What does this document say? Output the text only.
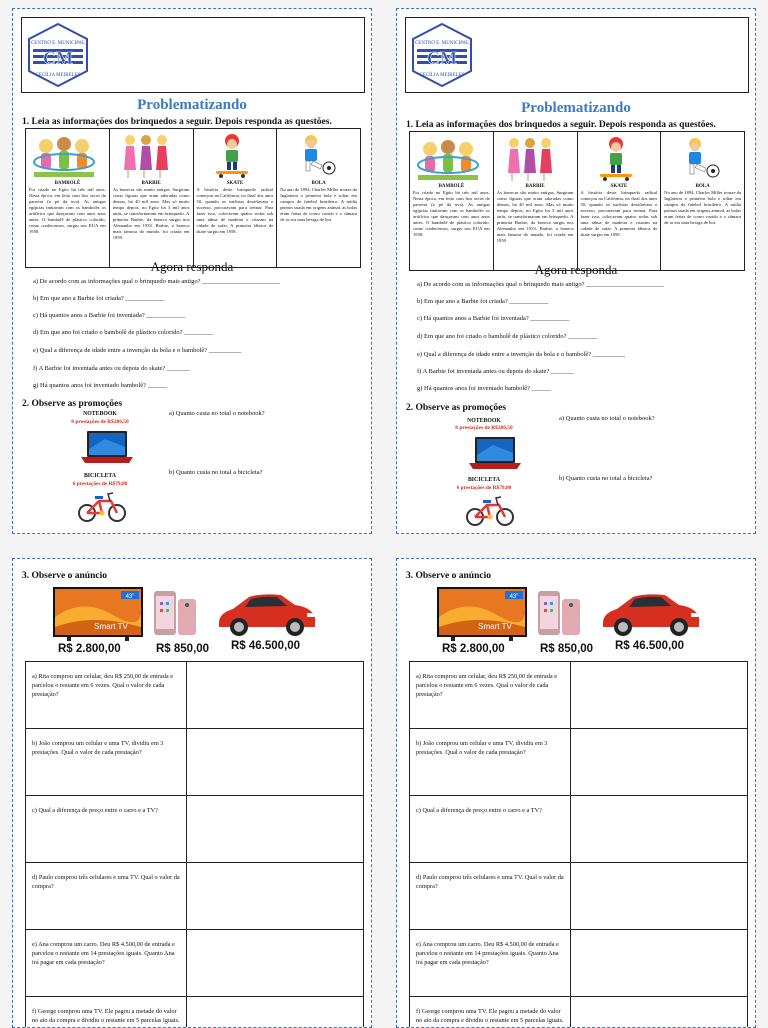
CENTRO E. MUNICIPAL
CM
CECÍLIA MEIRELES
Problematizando
1. Leia as informações dos brinquedos a seguir. Depois responda as questões.
BAMBOLÊ
Foi criado no Egito há três mil anos. Nesta época, em feito com fios secos de parreira (o pé da uva). As antigas egípcias imitavam com os bambolês os artifícios que dançavam com anos anos antes. O bambolê de plástico colorido, como conhecemos, surgiu nos EUA em 1958.
BARBIE
As bonecas são muito antigas. Surgiram como figuras que eram adoradas como deusas, há 40 mil anos. Mas só muito tempo depois, no Egito há 3 mil anos atrás, se transformaram em brinquedo. A primeira Barbie, da boneca surgiu nos Alemanha em 1933. Barbie, a boneca mais famosa do mundo, foi criada em 1959.
SKATE
A história deste brinquedo radical começou na Califórnia, no final dos anos 50, quando os surfistas desafiavam o sucesso, procuravam para treinar. Para fazer isso, colocavam quatro rodas sob uma tábua de madeira e criaram na cidade de sufar. A primeira fábrica de skate surgiu em 1958.
BOLA
No ano de 1894, Charles Miller trouxe da Inglaterra o primeira bola e soltar em campos de futebol brasileiro. A mídia primos usada em origens animal, as bolas eram feitas de couro cozido e o câmara de ar era uma bexiga de boi.
Agora responda
a) De acordo com as informações qual o brinquedo mais antigo? ________________________
b) Em que ano a Barbie foi criada? ____________
c) Há quantos anos a Barbie foi inventada? ____________
d) Em que ano foi criado o bambolê de plástico colorido? _________
e) Qual a diferença de idade entre a invenção da bola e o bambolê? __________
f) A Barbie foi inventada antes ou depois do skate? _______
g) Há quantos anos foi inventado bambolê? ______
2. Observe as promoções
NOTEBOOK
8 prestações de R$286,50
a) Quanto custa no total o notebook?
BICICLETA
6 prestações de R$79,80
b) Quanto custa no total a bicicleta?
CENTRO E. MUNICIPAL
CM
CECÍLIA MEIRELES
Problematizando
1. Leia as informações dos brinquedos a seguir. Depois responda as questões.
BAMBOLÊ
Foi criado no Egito há três mil anos. Nesta época, em feito com fios secos de parreira (o pé da uva). As antigas egípcias imitavam com os bambolês os artifícios que dançavam com anos anos antes. O bambolê de plástico colorido, como conhecemos, surgiu nos EUA em 1958.
BARBIE
As bonecas são muito antigas. Surgiram como figuras que eram adoradas como deusas, há 40 mil anos. Mas só muito tempo depois, no Egito há 3 mil anos atrás, se transformaram em brinquedo. A primeira Barbie, da boneca surgiu nos Alemanha em 1933. Barbie, a boneca mais famosa do mundo, foi criada em 1959.
SKATE
A história deste brinquedo radical começou na Califórnia, no final dos anos 50, quando os surfistas desafiavam o sucesso, procuravam para treinar. Para fazer isso, colocavam quatro rodas sob uma tábua de madeira e criaram na cidade de sufar. A primeira fábrica de skate surgiu em 1958.
BOLA
No ano de 1894, Charles Miller trouxe da Inglaterra o primeira bola e soltar em campos de futebol brasileiro. A mídia primos usada em origens animal, as bolas eram feitas de couro cozido e o câmara de ar era uma bexiga de boi.
Agora responda
a) De acordo com as informações qual o brinquedo mais antigo? ________________________
b) Em que ano a Barbie foi criada? ____________
c) Há quantos anos a Barbie foi inventada? ____________
d) Em que ano foi criado o bambolê de plástico colorido? _________
e) Qual a diferença de idade entre a invenção da bola e o bambolê? __________
f) A Barbie foi inventada antes ou depois do skate? _______
g) Há quantos anos foi inventado bambolê? ______
2. Observe as promoções
NOTEBOOK
8 prestações de R$286,50
a) Quanto custa no total o notebook?
BICICLETA
6 prestações de R$79,80
b) Quanto custa no total a bicicleta?
3. Observe o anúncio
43"
Smart TV
R$ 2.800,00	R$ 850,00 R$ 46.500,00
a) Rita comprou um celular, deu R$ 250,00 de entrada e parcelou o restante em 6 vezes. Qual o valor de cada prestação?
b) João comprou um celular e uma TV, dividiu em 3 prestações. Qual o valor de cada prestação?
c) Qual a diferença de preço entre o carro e a TV?
d) Paulo comprou três celulares e uma TV. Qual o valor da compra?
e) Ana comprou um carro. Deu R$ 4.500,00 de entrada e parcelou o restante em 14 prestações iguais. Quanto Ana irá pagar em cada prestação?
f) George comprou uma TV. Ele pagou a metade do valor no ato da compra e dividiu o restante em 5 parcelas iguais.
3. Observe o anúncio
43"
Smart TV
R$ 2.800,00	R$ 850,00 R$ 46.500,00
a) Rita comprou um celular, deu R$ 250,00 de entrada e parcelou o restante em 6 vezes. Qual o valor de cada prestação?
b) João comprou um celular e uma TV, dividiu em 3 prestações. Qual o valor de cada prestação?
c) Qual a diferença de preço entre o carro e a TV?
d) Paulo comprou três celulares e uma TV. Qual o valor da compra?
e) Ana comprou um carro. Deu R$ 4.500,00 de entrada e parcelou o restante em 14 prestações iguais. Quanto Ana irá pagar em cada prestação?
f) George comprou uma TV. Ele pagou a metade do valor no ato da compra e dividiu o restante em 5 parcelas iguais.
